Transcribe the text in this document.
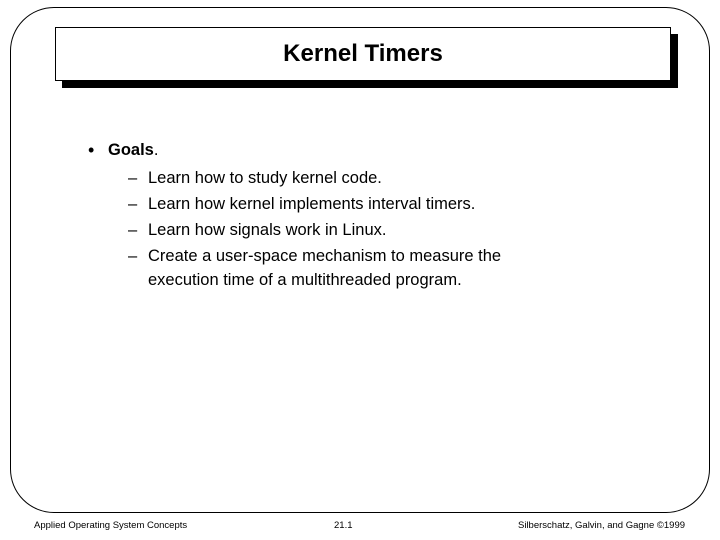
Kernel Timers
• Goals.
– Learn how to study kernel code.
– Learn how kernel implements interval timers.
– Learn how signals work in Linux.
– Create a user-space mechanism to measure the execution time of a multithreaded program.
Applied Operating System Concepts	21.1	Silberschatz, Galvin, and Gagne ©1999
